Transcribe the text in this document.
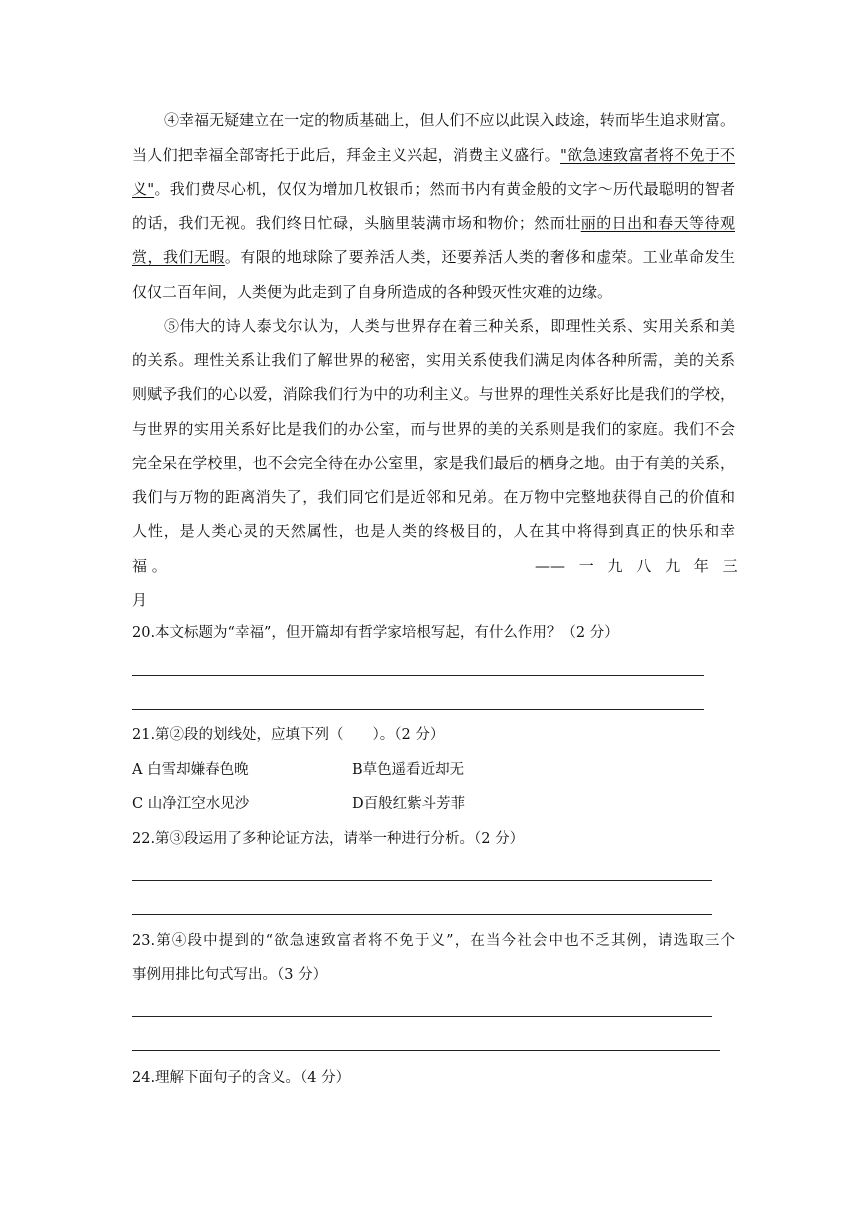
④幸福无疑建立在一定的物质基础上，但人们不应以此误入歧途，转而毕生追求财富。
当人们把幸福全部寄托于此后，拜金主义兴起，消费主义盛行。"欲急速致富者将不免于不
义"。我们费尽心机，仅仅为增加几枚银币；然而书内有黄金般的文字～历代最聪明的智者
的话，我们无视。我们终日忙碌，头脑里装满市场和物价；然而壮丽的日出和春天等待观
赏，我们无暇。有限的地球除了要养活人类，还要养活人类的奢侈和虚荣。工业革命发生
仅仅二百年间，人类便为此走到了自身所造成的各种毁灭性灾难的边缘。
⑤伟大的诗人泰戈尔认为，人类与世界存在着三种关系，即理性关系、实用关系和美
的关系。理性关系让我们了解世界的秘密，实用关系使我们满足肉体各种所需，美的关系
则赋予我们的心以爱，消除我们行为中的功利主义。与世界的理性关系好比是我们的学校，
与世界的实用关系好比是我们的办公室，而与世界的美的关系则是我们的家庭。我们不会
完全呆在学校里，也不会完全待在办公室里，家是我们最后的栖身之地。由于有美的关系，
我们与万物的距离消失了，我们同它们是近邻和兄弟。在万物中完整地获得自己的价值和
人性，是人类心灵的天然属性，也是人类的终极目的，人在其中将得到真正的快乐和幸
福 。	—— 一 九 八 九 年 三
月
20.本文标题为“幸福”，但开篇却有哲学家培根写起，有什么作用？（2 分）
21.第②段的划线处，应填下列（　　）。（2 分）
A 白雪却嫌春色晚	B草色遥看近却无
C 山净江空水见沙	D百般红紫斗芳菲
22.第③段运用了多种论证方法，请举一种进行分析。（2 分）
23.第④段中提到的“欲急速致富者将不免于义”，在当今社会中也不乏其例，请选取三个
事例用排比句式写出。（3 分）
24.理解下面句子的含义。（4 分）
